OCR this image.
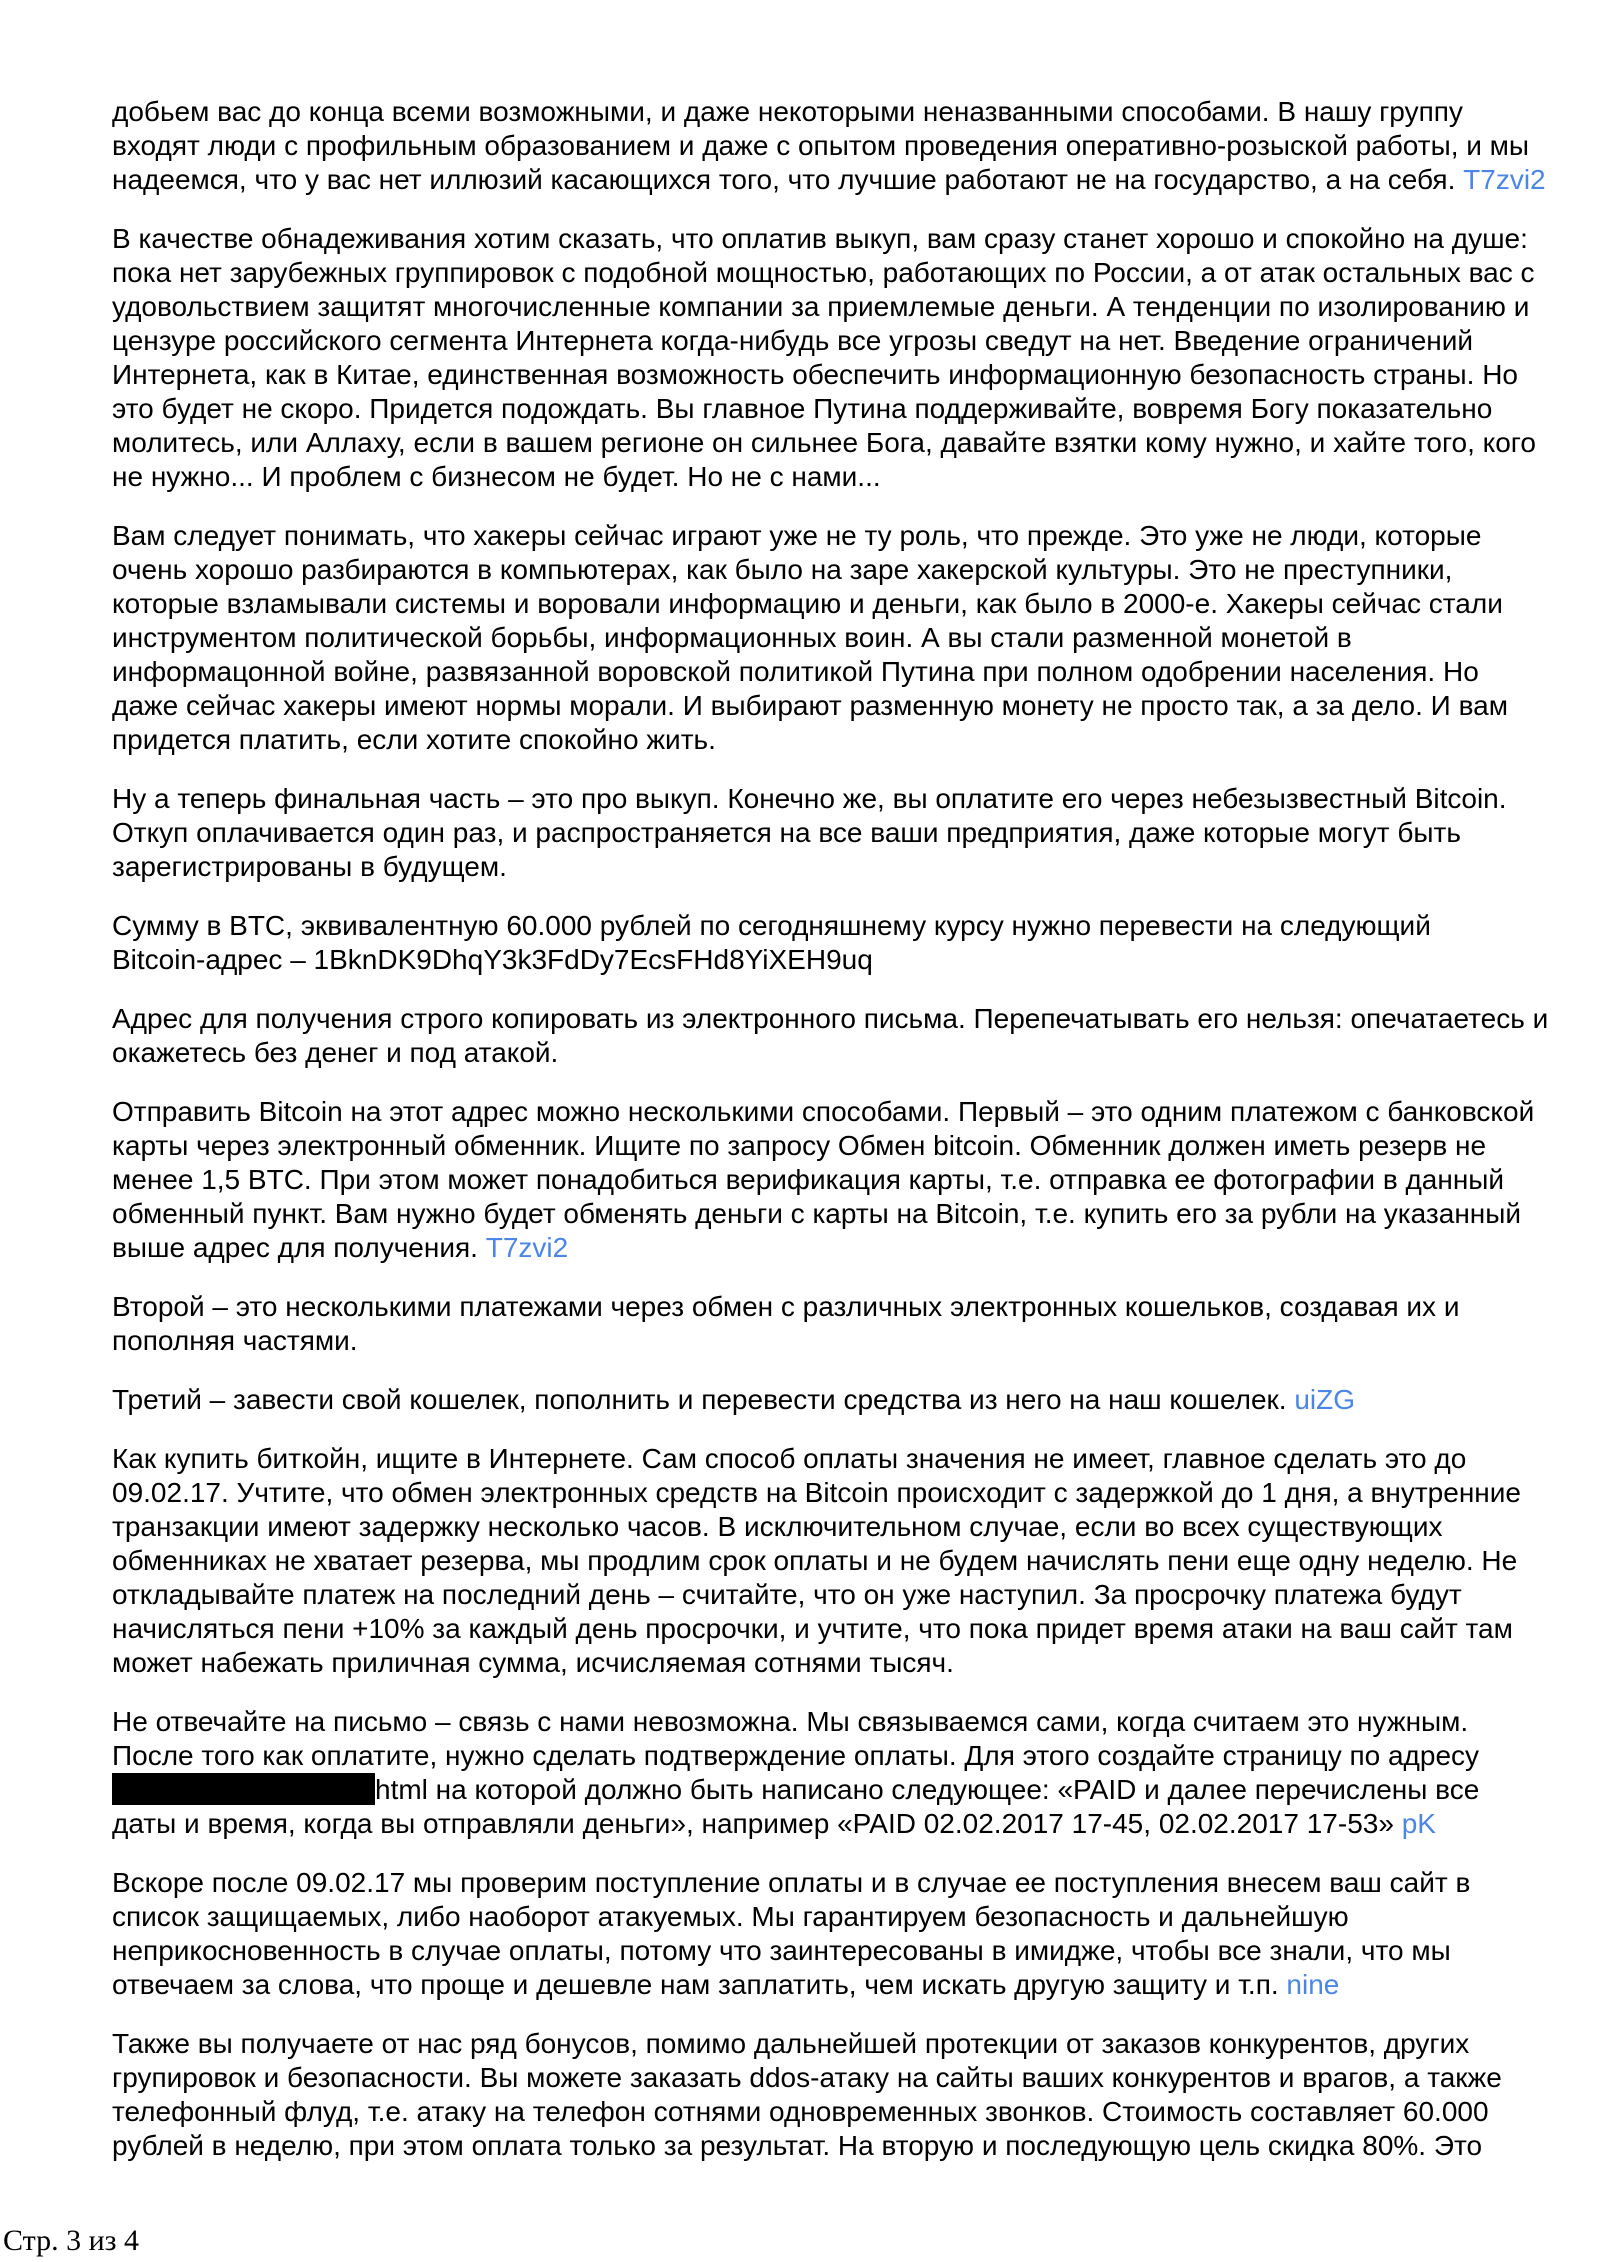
добьем вас до конца всеми возможными, и даже некоторыми неназванными способами. В нашу группу
входят люди с профильным образованием и даже с опытом проведения оперативно-розыской работы, и мы
надеемся, что у вас нет иллюзий касающихся того, что лучшие работают не на государство, а на себя. T7zvi2
В качестве обнадеживания хотим сказать, что оплатив выкуп, вам сразу станет хорошо и спокойно на душе:
пока нет зарубежных группировок с подобной мощностью, работающих по России, а от атак остальных вас с
удовольствием защитят многочисленные компании за приемлемые деньги. А тенденции по изолированию и
цензуре российского сегмента Интернета когда-нибудь все угрозы сведут на нет. Введение ограничений
Интернета, как в Китае, единственная возможность обеспечить информационную безопасность страны. Но
это будет не скоро. Придется подождать. Вы главное Путина поддерживайте, вовремя Богу показательно
молитесь, или Аллаху, если в вашем регионе он сильнее Бога, давайте взятки кому нужно, и хайте того, кого
не нужно... И проблем с бизнесом не будет. Но не с нами...
Вам следует понимать, что хакеры сейчас играют уже не ту роль, что прежде. Это уже не люди, которые
очень хорошо разбираются в компьютерах, как было на заре хакерской культуры. Это не преступники,
которые взламывали системы и воровали информацию и деньги, как было в 2000-е. Хакеры сейчас стали
инструментом политической борьбы, информационных воин. А вы стали разменной монетой в
информацонной войне, развязанной воровской политикой Путина при полном одобрении населения. Но
даже сейчас хакеры имеют нормы морали. И выбирают разменную монету не просто так, а за дело. И вам
придется платить, если хотите спокойно жить.
Ну а теперь финальная часть – это про выкуп. Конечно же, вы оплатите его через небезызвестный Bitcoin.
Откуп оплачивается один раз, и распространяется на все ваши предприятия, даже которые могут быть
зарегистрированы в будущем.
Сумму в BTC, эквивалентную 60.000 рублей по сегодняшнему курсу нужно перевести на следующий
Bitcoin-адрес – 1BknDK9DhqY3k3FdDy7EcsFHd8YiXEH9uq
Адрес для получения строго копировать из электронного письма. Перепечатывать его нельзя: опечатаетесь и
окажетесь без денег и под атакой.
Отправить Bitcoin на этот адрес можно несколькими способами. Первый – это одним платежом с банковской
карты через электронный обменник. Ищите по запросу Обмен bitcoin. Обменник должен иметь резерв не
менее 1,5 BTC. При этом может понадобиться верификация карты, т.е. отправка ее фотографии в данный
обменный пункт. Вам нужно будет обменять деньги с карты на Bitcoin, т.е. купить его за рубли на указанный
выше адрес для получения. T7zvi2
Второй – это несколькими платежами через обмен с различных электронных кошельков, создавая их и
пополняя частями.
Третий – завести свой кошелек, пополнить и перевести средства из него на наш кошелек. uiZG
Как купить биткойн, ищите в Интернете. Сам способ оплаты значения не имеет, главное сделать это до
09.02.17. Учтите, что обмен электронных средств на Bitcoin происходит с задержкой до 1 дня, а внутренние
транзакции имеют задержку несколько часов. В исключительном случае, если во всех существующих
обменниках не хватает резерва, мы продлим срок оплаты и не будем начислять пени еще одну неделю. Не
откладывайте платеж на последний день – считайте, что он уже наступил. За просрочку платежа будут
начисляться пени +10% за каждый день просрочки, и учтите, что пока придет время атаки на ваш сайт там
может набежать приличная сумма, исчисляемая сотнями тысяч.
Не отвечайте на письмо – связь с нами невозможна. Мы связываемся сами, когда считаем это нужным.
После того как оплатите, нужно сделать подтверждение оплаты. Для этого создайте страницу по адресу
html на которой должно быть написано следующее: «PAID и далее перечислены все
даты и время, когда вы отправляли деньги», например «PAID 02.02.2017 17-45, 02.02.2017 17-53» pK
Вскоре после 09.02.17 мы проверим поступление оплаты и в случае ее поступления внесем ваш сайт в
список защищаемых, либо наоборот атакуемых. Мы гарантируем безопасность и дальнейшую
неприкосновенность в случае оплаты, потому что заинтересованы в имидже, чтобы все знали, что мы
отвечаем за слова, что проще и дешевле нам заплатить, чем искать другую защиту и т.п. nine
Также вы получаете от нас ряд бонусов, помимо дальнейшей протекции от заказов конкурентов, других
групировок и безопасности. Вы можете заказать ddos-атаку на сайты ваших конкурентов и врагов, а также
телефонный флуд, т.е. атаку на телефон сотнями одновременных звонков. Стоимость составляет 60.000
рублей в неделю, при этом оплата только за результат. На вторую и последующую цель скидка 80%. Это
Стр. 3 из 4
